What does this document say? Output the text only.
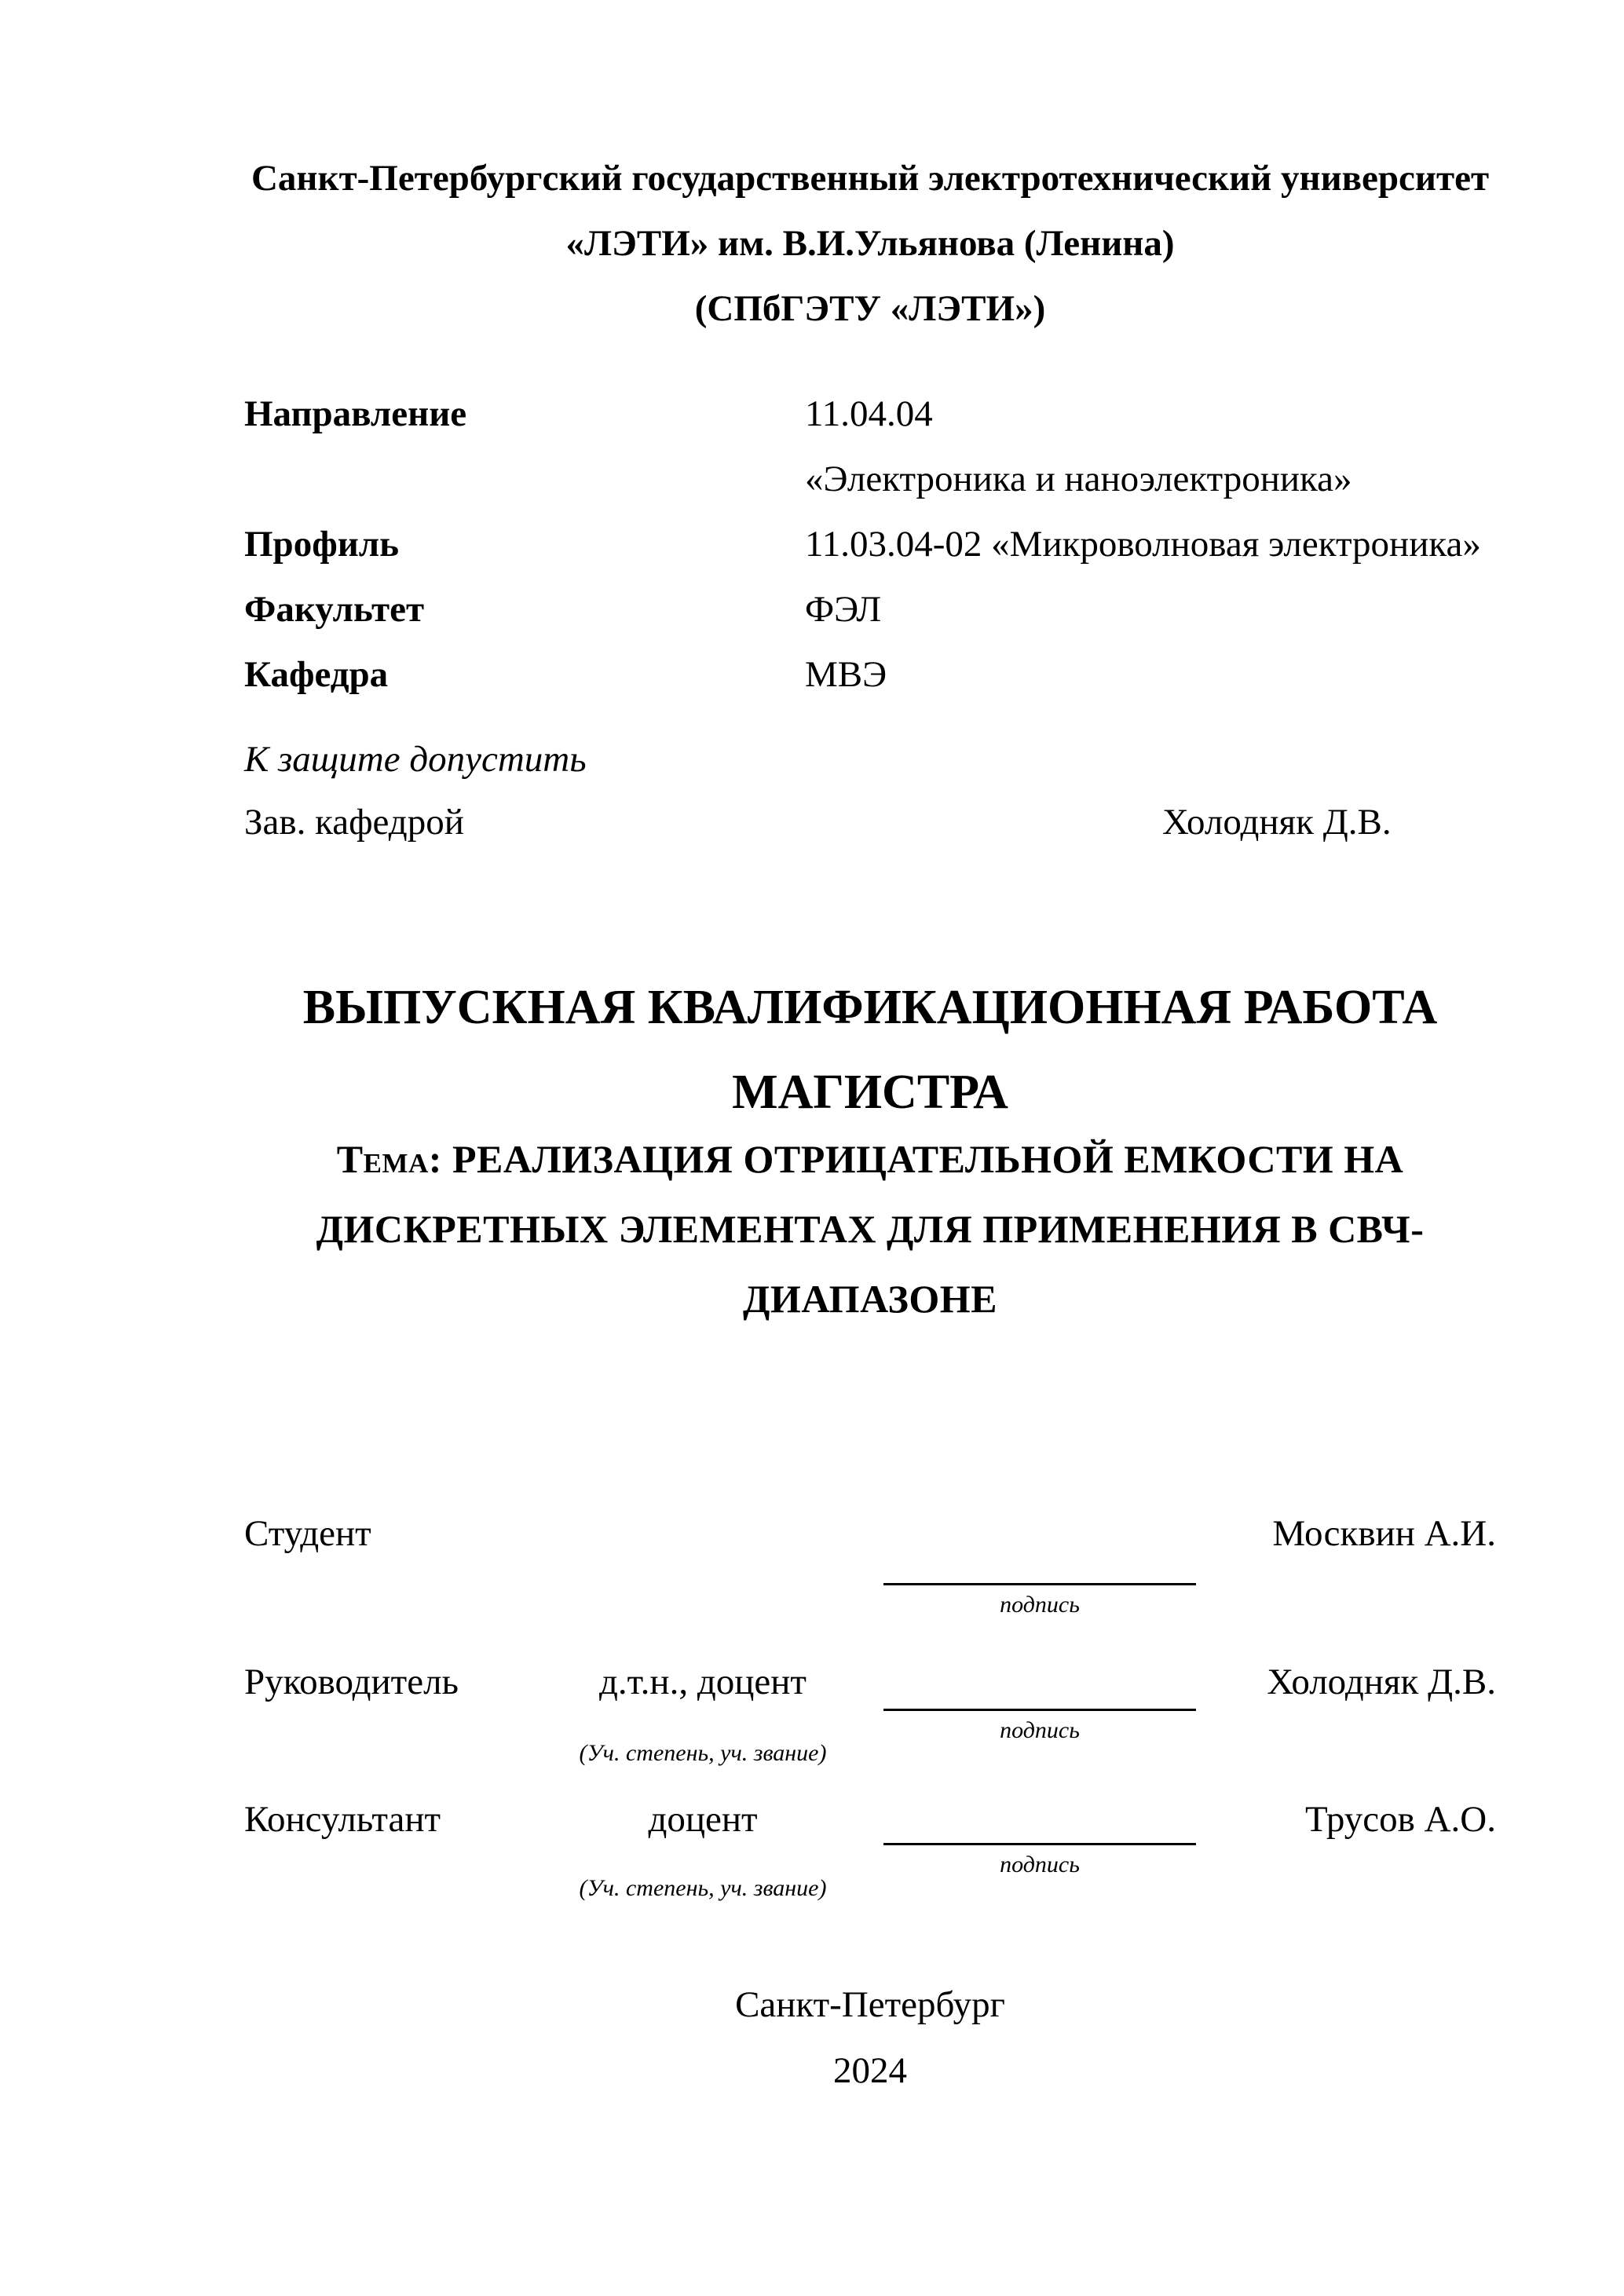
Санкт-Петербургский государственный электротехнический университет
«ЛЭТИ» им. В.И.Ульянова (Ленина)
(СПбГЭТУ «ЛЭТИ»)
Направление	11.04.04
«Электроника и наноэлектроника»
Профиль	11.03.04-02 «Микроволновая электроника»
Факультет	ФЭЛ
Кафедра	МВЭ
К защите допустить
Зав. кафедрой	Холодняк Д.В.
ВЫПУСКНАЯ КВАЛИФИКАЦИОННАЯ РАБОТА
МАГИСТРА
Тема: РЕАЛИЗАЦИЯ ОТРИЦАТЕЛЬНОЙ ЕМКОСТИ НА
ДИСКРЕТНЫХ ЭЛЕМЕНТАХ ДЛЯ ПРИМЕНЕНИЯ В СВЧ-
ДИАПАЗОНЕ
Студент	Москвин А.И.
подпись
Руководитель	д.т.н., доцент	Холодняк Д.В.
подпись
(Уч. степень, уч. звание)
Консультант	доцент	Трусов А.О.
подпись
(Уч. степень, уч. звание)
Санкт-Петербург
2024
